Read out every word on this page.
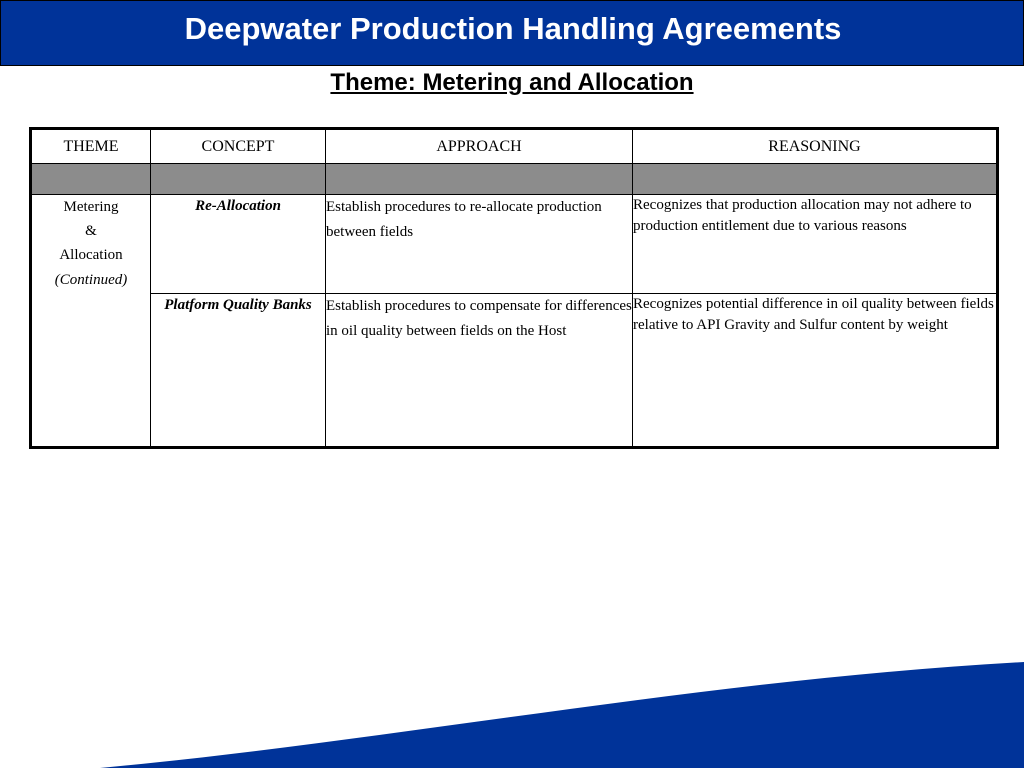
Deepwater Production Handling Agreements
Theme: Metering and Allocation
THEME	CONCEPT	APPROACH	REASONING

Metering
&
Allocation
(Continued)	Re-Allocation	Establish procedures to re-allocate production between fields	Recognizes that production allocation may not adhere to production entitlement due to various reasons
	Platform Quality Banks	Establish procedures to compensate for differences in oil quality between fields on the Host	Recognizes potential difference in oil quality between fields relative to API Gravity and Sulfur content by weight
